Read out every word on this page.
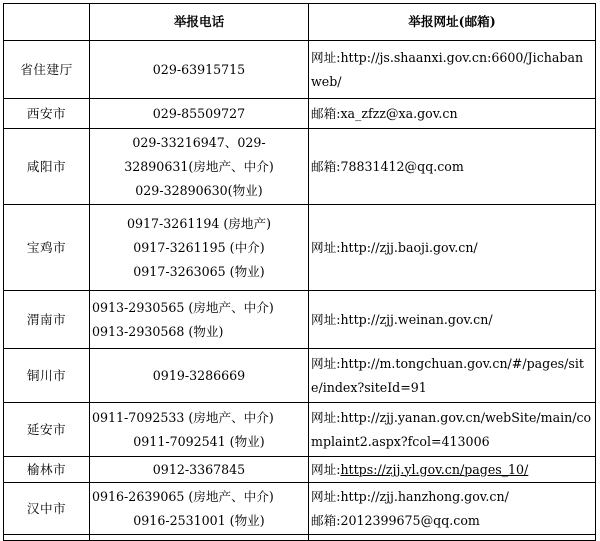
	举报电话	举报网址(邮箱)
省住建厅	029-63915715	网址:http://js.shaanxi.gov.cn:6600/Jichabanweb/

西安市	029-85509727	邮箱:xa_zfzz@xa.gov.cn

咸阳市	029-33216947、029-32890631(房地产、中介)
029-32890630(物业)	邮箱:78831412@qq.com

宝鸡市	0917-3261194 (房地产)
0917-3261195 (中介)
0917-3263065 (物业)	网址:http://zjj.baoji.gov.cn/

渭南市	0913-2930565 (房地产、中介)
0913-2930568 (物业)	网址:http://zjj.weinan.gov.cn/

铜川市	0919-3286669	网址:http://m.tongchuan.gov.cn/#/pages/site/index?siteId=91

延安市	0911-7092533 (房地产、中介)
0911-7092541 (物业)	网址:http://zjj.yanan.gov.cn/webSite/main/complaint2.aspx?fcol=413006

榆林市	0912-3367845	网址:https://zjj.yl.gov.cn/pages_10/

汉中市	0916-2639065 (房地产、中介)
0916-2531001 (物业)	网址:http://zjj.hanzhong.gov.cn/
邮箱:2012399675@qq.com
